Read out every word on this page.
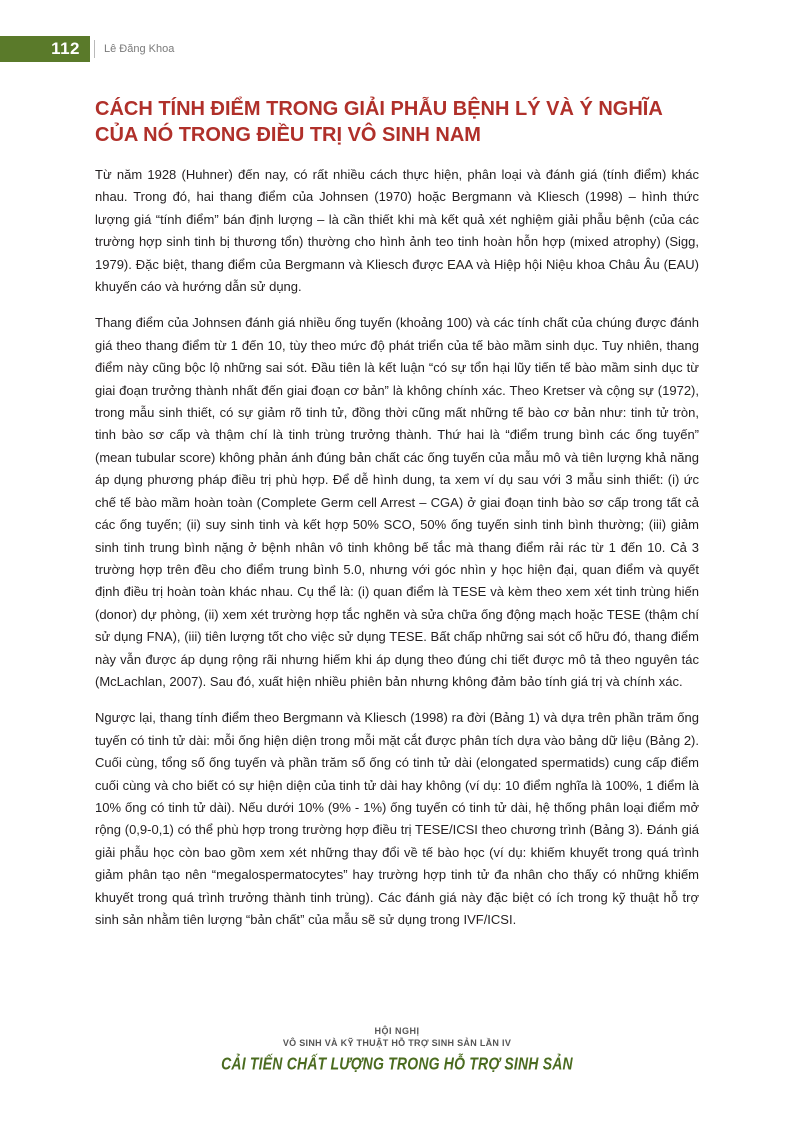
112	Lê Đăng Khoa
CÁCH TÍNH ĐIỂM TRONG GIẢI PHẪU BỆNH LÝ VÀ Ý NGHĨA
CỦA NÓ TRONG ĐIỀU TRỊ VÔ SINH NAM

Từ năm 1928 (Huhner) đến nay, có rất nhiều cách thực hiện, phân loại và đánh giá (tính điểm) khác nhau. Trong đó, hai thang điểm của Johnsen (1970) hoặc Bergmann và Kliesch (1998) – hình thức lượng giá “tính điểm” bán định lượng – là cần thiết khi mà kết quả xét nghiệm giải phẫu bệnh (của các trường hợp sinh tinh bị thương tổn) thường cho hình ảnh teo tinh hoàn hỗn hợp (mixed atrophy) (Sigg, 1979). Đặc biệt, thang điểm của Bergmann và Kliesch được EAA và Hiệp hội Niệu khoa Châu Âu (EAU) khuyến cáo và hướng dẫn sử dụng.

Thang điểm của Johnsen đánh giá nhiều ống tuyến (khoảng 100) và các tính chất của chúng được đánh giá theo thang điểm từ 1 đến 10, tùy theo mức độ phát triển của tế bào mầm sinh dục. Tuy nhiên, thang điểm này cũng bộc lộ những sai sót. Đầu tiên là kết luận “có sự tổn hại lũy tiến tế bào mầm sinh dục từ giai đoạn trưởng thành nhất đến giai đoạn cơ bản” là không chính xác. Theo Kretser và cộng sự (1972), trong mẫu sinh thiết, có sự giảm rõ tinh tử, đồng thời cũng mất những tế bào cơ bản như: tinh tử tròn, tinh bào sơ cấp và thậm chí là tinh trùng trưởng thành. Thứ hai là “điểm trung bình các ống tuyến” (mean tubular score) không phản ánh đúng bản chất các ống tuyến của mẫu mô và tiên lượng khả năng áp dụng phương pháp điều trị phù hợp. Để dễ hình dung, ta xem ví dụ sau với 3 mẫu sinh thiết: (i) ức chế tế bào mầm hoàn toàn (Complete Germ cell Arrest – CGA) ở giai đoạn tinh bào sơ cấp trong tất cả các ống tuyến; (ii) suy sinh tinh và kết hợp 50% SCO, 50% ống tuyến sinh tinh bình thường; (iii) giảm sinh tinh trung bình nặng ở bệnh nhân vô tinh không bế tắc mà thang điểm rải rác từ 1 đến 10. Cả 3 trường hợp trên đều cho điểm trung bình 5.0, nhưng với góc nhìn y học hiện đại, quan điểm và quyết định điều trị hoàn toàn khác nhau. Cụ thể là: (i) quan điểm là TESE và kèm theo xem xét tinh trùng hiến (donor) dự phòng, (ii) xem xét trường hợp tắc nghẽn và sửa chữa ống động mạch hoặc TESE (thậm chí sử dụng FNA), (iii) tiên lượng tốt cho việc sử dụng TESE. Bất chấp những sai sót cố hữu đó, thang điểm này vẫn được áp dụng rộng rãi nhưng hiếm khi áp dụng theo đúng chi tiết được mô tả theo nguyên tác (McLachlan, 2007). Sau đó, xuất hiện nhiều phiên bản nhưng không đảm bảo tính giá trị và chính xác.

Ngược lại, thang tính điểm theo Bergmann và Kliesch (1998) ra đời (Bảng 1) và dựa trên phần trăm ống tuyến có tinh tử dài: mỗi ống hiện diện trong mỗi mặt cắt được phân tích dựa vào bảng dữ liệu (Bảng 2). Cuối cùng, tổng số ống tuyến và phần trăm số ống có tinh tử dài (elongated spermatids) cung cấp điểm cuối cùng và cho biết có sự hiện diện của tinh tử dài hay không (ví dụ: 10 điểm nghĩa là 100%, 1 điểm là 10% ống có tinh tử dài). Nếu dưới 10% (9% - 1%) ống tuyến có tinh tử dài, hệ thống phân loại điểm mở rộng (0,9-0,1) có thể phù hợp trong trường hợp điều trị TESE/ICSI theo chương trình (Bảng 3). Đánh giá giải phẫu học còn bao gồm xem xét những thay đổi về tế bào học (ví dụ: khiếm khuyết trong quá trình giảm phân tạo nên “megalospermatocytes” hay trường hợp tinh tử đa nhân cho thấy có những khiếm khuyết trong quá trình trưởng thành tinh trùng). Các đánh giá này đặc biệt có ích trong kỹ thuật hỗ trợ sinh sản nhằm tiên lượng “bản chất” của mẫu sẽ sử dụng trong IVF/ICSI.

HỘI NGHỊ
VÔ SINH VÀ KỸ THUẬT HỖ TRỢ SINH SẢN LẦN IV
CẢI TIẾN CHẤT LƯỢNG TRONG HỖ TRỢ SINH SẢN
